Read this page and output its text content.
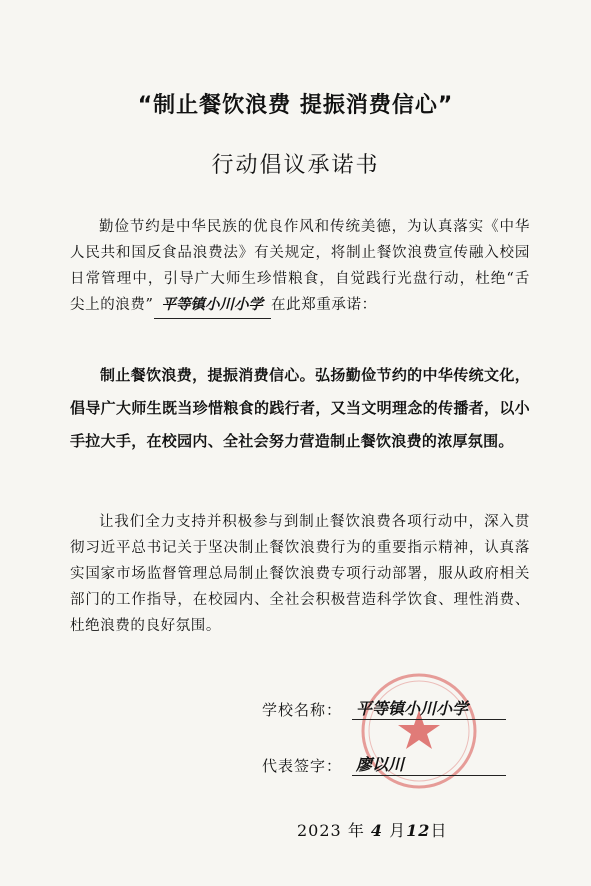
“制止餐饮浪费 提振消费信心”
行动倡议承诺书
勤俭节约是中华民族的优良作风和传统美德，为认真落实《中华人民共和国反食品浪费法》有关规定，将制止餐饮浪费宣传融入校园日常管理中，引导广大师生珍惜粮食，自觉践行光盘行动，杜绝“舌尖上的浪费” 平等镇小川小学 在此郑重承诺：
制止餐饮浪费，提振消费信心。弘扬勤俭节约的中华传统文化，倡导广大师生既当珍惜粮食的践行者，又当文明理念的传播者，以小手拉大手，在校园内、全社会努力营造制止餐饮浪费的浓厚氛围。
让我们全力支持并积极参与到制止餐饮浪费各项行动中，深入贯彻习近平总书记关于坚决制止餐饮浪费行为的重要指示精神，认真落实国家市场监督管理总局制止餐饮浪费专项行动部署，服从政府相关部门的工作指导，在校园内、全社会积极营造科学饮食、理性消费、杜绝浪费的良好氛围。
学校名称： 平等镇小川小学
代表签字： 廖以川
2023 年 4 月12日
